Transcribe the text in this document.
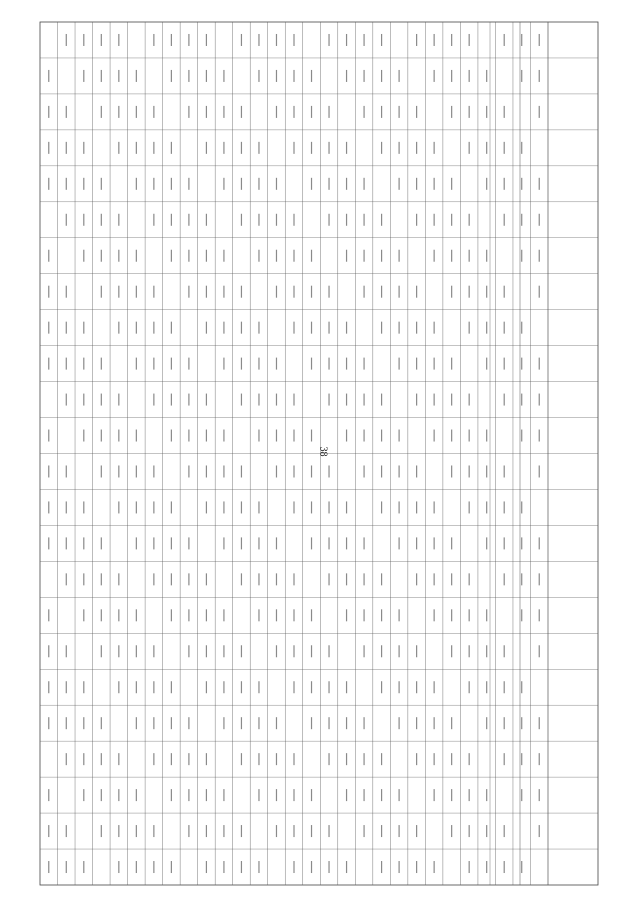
38
